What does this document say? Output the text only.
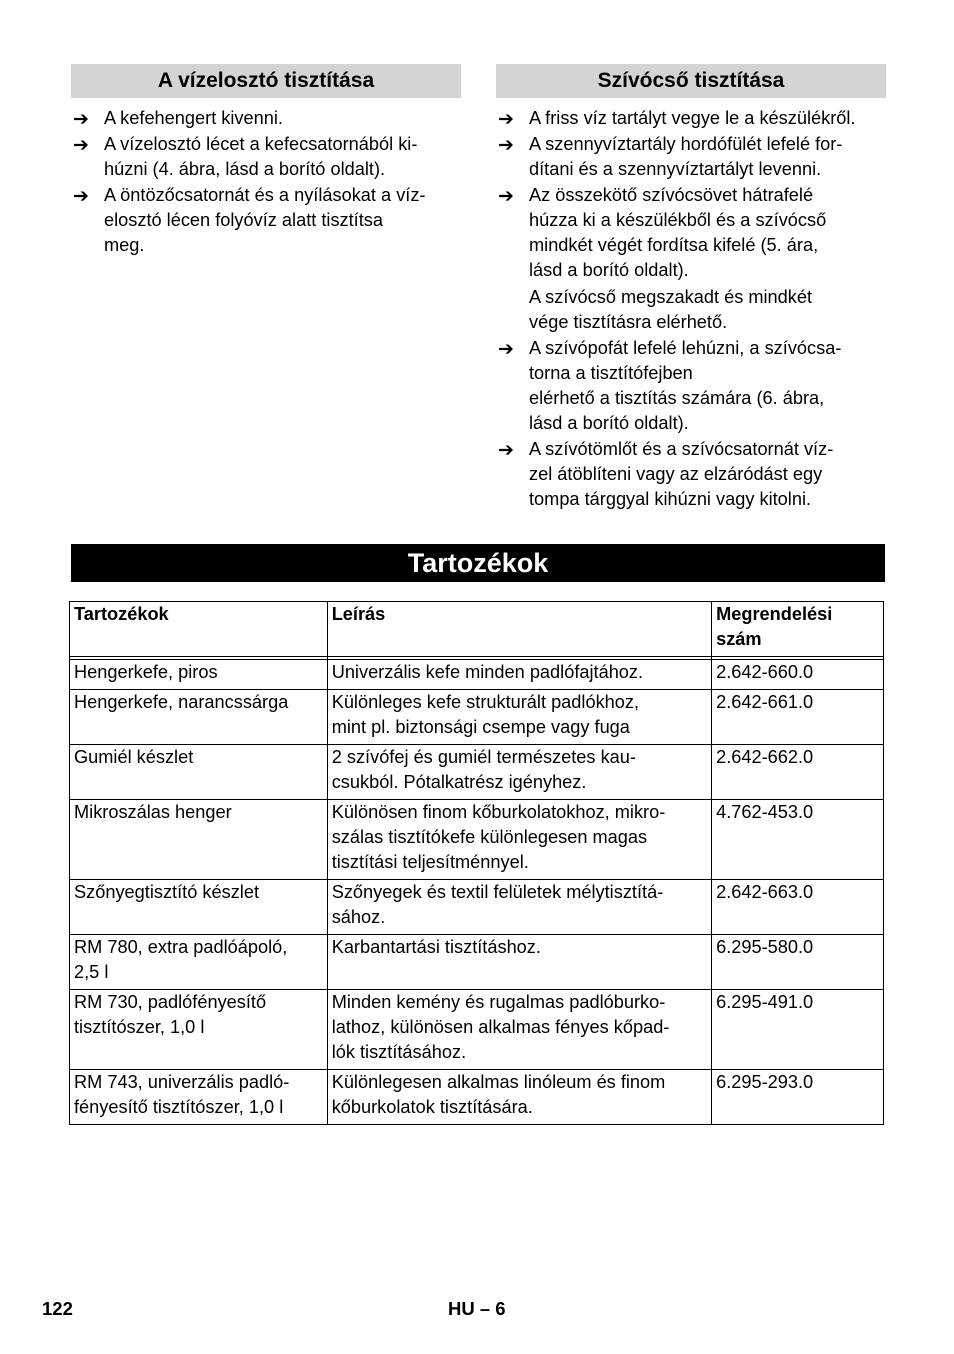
A vízelosztó tisztítása
➔ A kefehengert kivenni.
➔ A vízelosztó lécet a kefecsatornából ki-
húzni (4. ábra, lásd a borító oldalt).
➔ A öntözőcsatornát és a nyílásokat a víz-
elosztó lécen folyóvíz alatt tisztítsa
meg.
Szívócső tisztítása
➔ A friss víz tartályt vegye le a készülékről.
➔ A szennyvíztartály hordófülét lefelé for-
dítani és a szennyvíztartályt levenni.
➔ Az összekötő szívócsövet hátrafelé
húzza ki a készülékből és a szívócső
mindkét végét fordítsa kifelé (5. ára,
lásd a borító oldalt).
A szívócső megszakadt és mindkét
vége tisztításra elérhető.
➔ A szívópofát lefelé lehúzni, a szívócsa-
torna a tisztítófejben
elérhető a tisztítás számára (6. ábra,
lásd a borító oldalt).
➔ A szívótömlőt és a szívócsatornát víz-
zel átöblíteni vagy az elzáródást egy
tompa tárggyal kihúzni vagy kitolni.
Tartozékok
Tartozékok	Leírás	Megrendelési
szám

Hengerkefe, piros	Univerzális kefe minden padlófajtához.	2.642-660.0
Hengerkefe, narancssárga	Különleges kefe strukturált padlókhoz,
mint pl. biztonsági csempe vagy fuga	2.642-661.0
Gumiél készlet	2 szívófej és gumiél természetes kau-
csukból. Pótalkatrész igényhez.	2.642-662.0
Mikroszálas henger	Különösen finom kőburkolatokhoz, mikro-
szálas tisztítókefe különlegesen magas
tisztítási teljesítménnyel.	4.762-453.0
Szőnyegtisztító készlet	Szőnyegek és textil felületek mélytisztítá-
sához.	2.642-663.0
RM 780, extra padlóápoló,
2,5 l	Karbantartási tisztításhoz.	6.295-580.0
RM 730, padlófényesítő
tisztítószer, 1,0 l	Minden kemény és rugalmas padlóburko-
lathoz, különösen alkalmas fényes kőpad-
lók tisztításához.	6.295-491.0
RM 743, univerzális padló-
fényesítő tisztítószer, 1,0 l	Különlegesen alkalmas linóleum és finom
kőburkolatok tisztítására.	6.295-293.0
122	HU – 6
